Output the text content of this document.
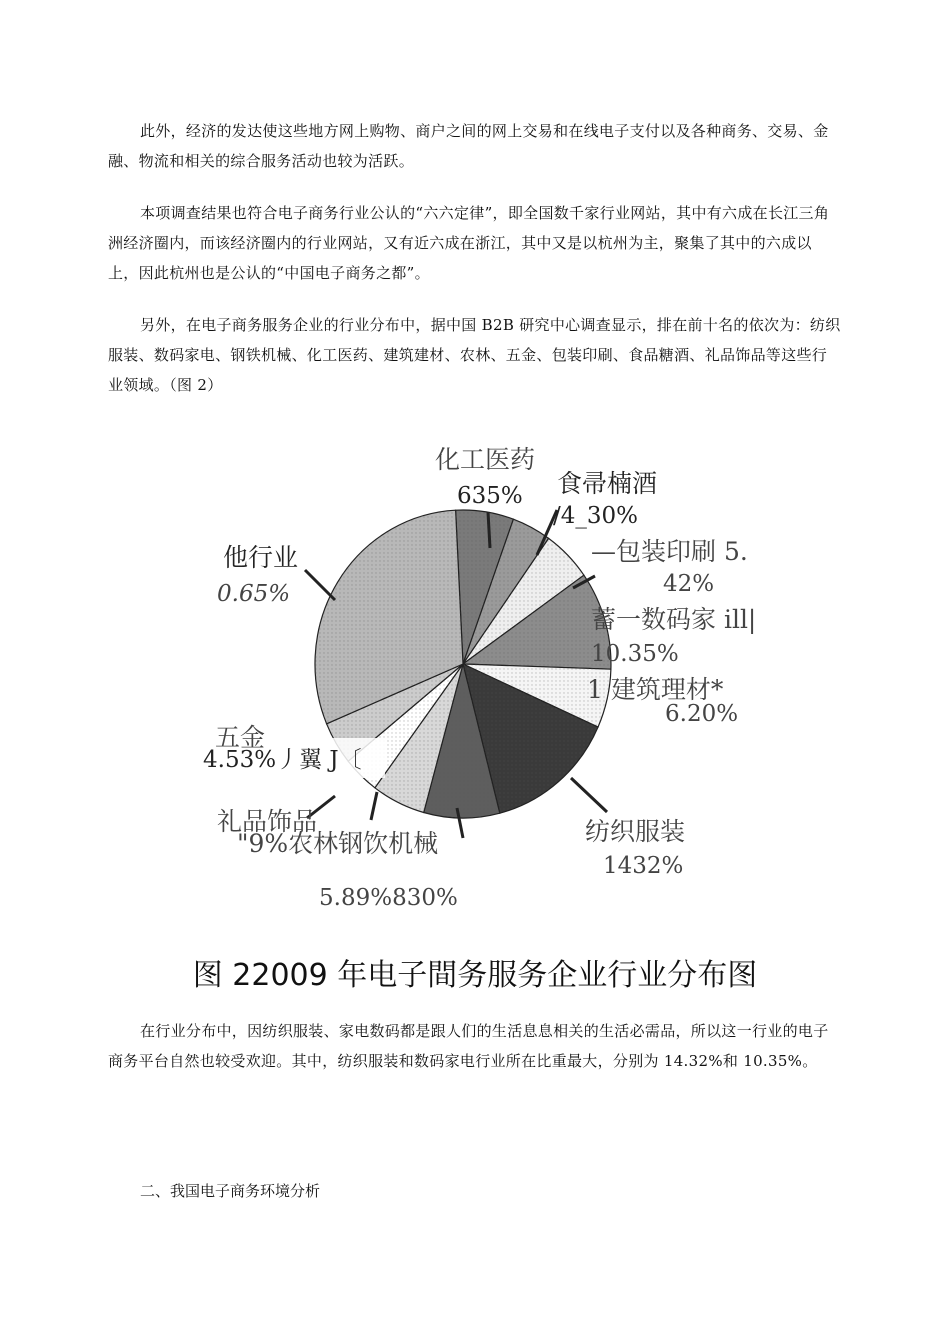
此外，经济的发达使这些地方网上购物、商户之间的网上交易和在线电子支付以及各种商务、交易、金融、物流和相关的综合服务活动也较为活跃。

本项调查结果也符合电子商务行业公认的“六六定律”，即全国数千家行业网站，其中有六成在长江三角洲经济圈内，而该经济圈内的行业网站，又有近六成在浙江，其中又是以杭州为主，聚集了其中的六成以上，因此杭州也是公认的“中国电子商务之都”。

另外，在电子商务服务企业的行业分布中，据中国 B2B 研究中心调查显示，排在前十名的依次为：纺织服装、数码家电、钢铁机械、化工医药、建筑建材、农林、五金、包装印刷、食品糖酒、礼品饰品等这些行业领域。（图 2）

化工医药
635% 食帚楠酒
/4_30%
—包装印刷 5.
42%
蓄一数码家 ill|
10.35%
1 建筑理材*
6.20%
他行业
0.65%
五金
4.53%丿翼 J〔
礼品饰品
"9%农林钢饮机械
5.89%830%
纺织服装
1432%
图 22009 年电子間务服务企业行业分布图

在行业分布中，因纺织服装、家电数码都是跟人们的生活息息相关的生活必需品，所以这一行业的电子商务平台自然也较受欢迎。其中，纺织服装和数码家电行业所在比重最大，分别为 14.32%和 10.35%。

二、我国电子商务环境分析
